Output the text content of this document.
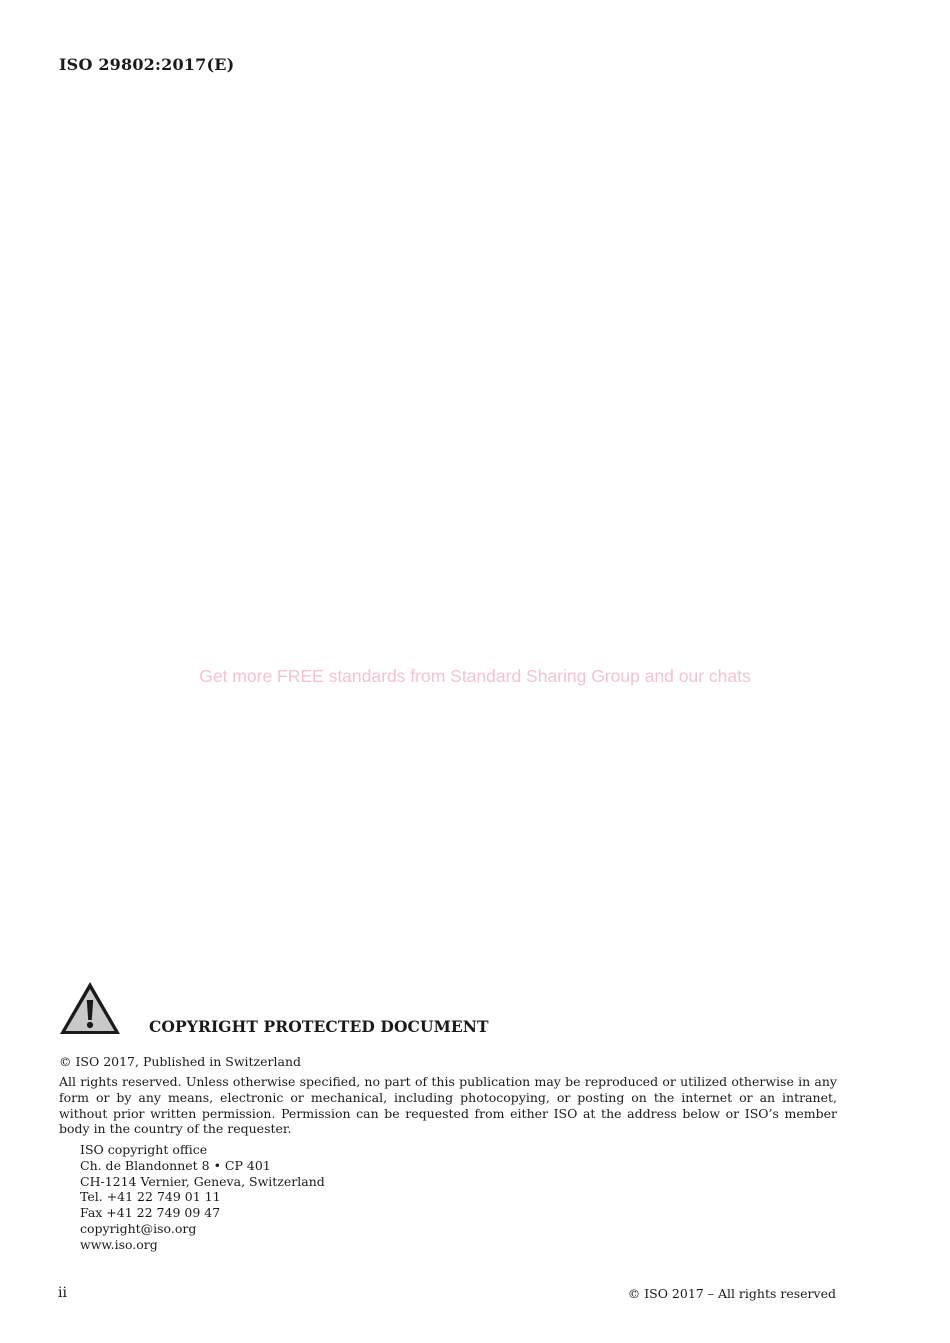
ISO 29802:2017(E)
Get more FREE standards from Standard Sharing Group and our chats
COPYRIGHT PROTECTED DOCUMENT
© ISO 2017, Published in Switzerland

All rights reserved. Unless otherwise specified, no part of this publication may be reproduced or utilized otherwise in any form or by any means, electronic or mechanical, including photocopying, or posting on the internet or an intranet, without prior written permission. Permission can be requested from either ISO at the address below or ISO’s member body in the country of the requester.

ISO copyright office
Ch. de Blandonnet 8 • CP 401
CH-1214 Vernier, Geneva, Switzerland
Tel. +41 22 749 01 11
Fax +41 22 749 09 47
copyright@iso.org
www.iso.org
ii	© ISO 2017 – All rights reserved
